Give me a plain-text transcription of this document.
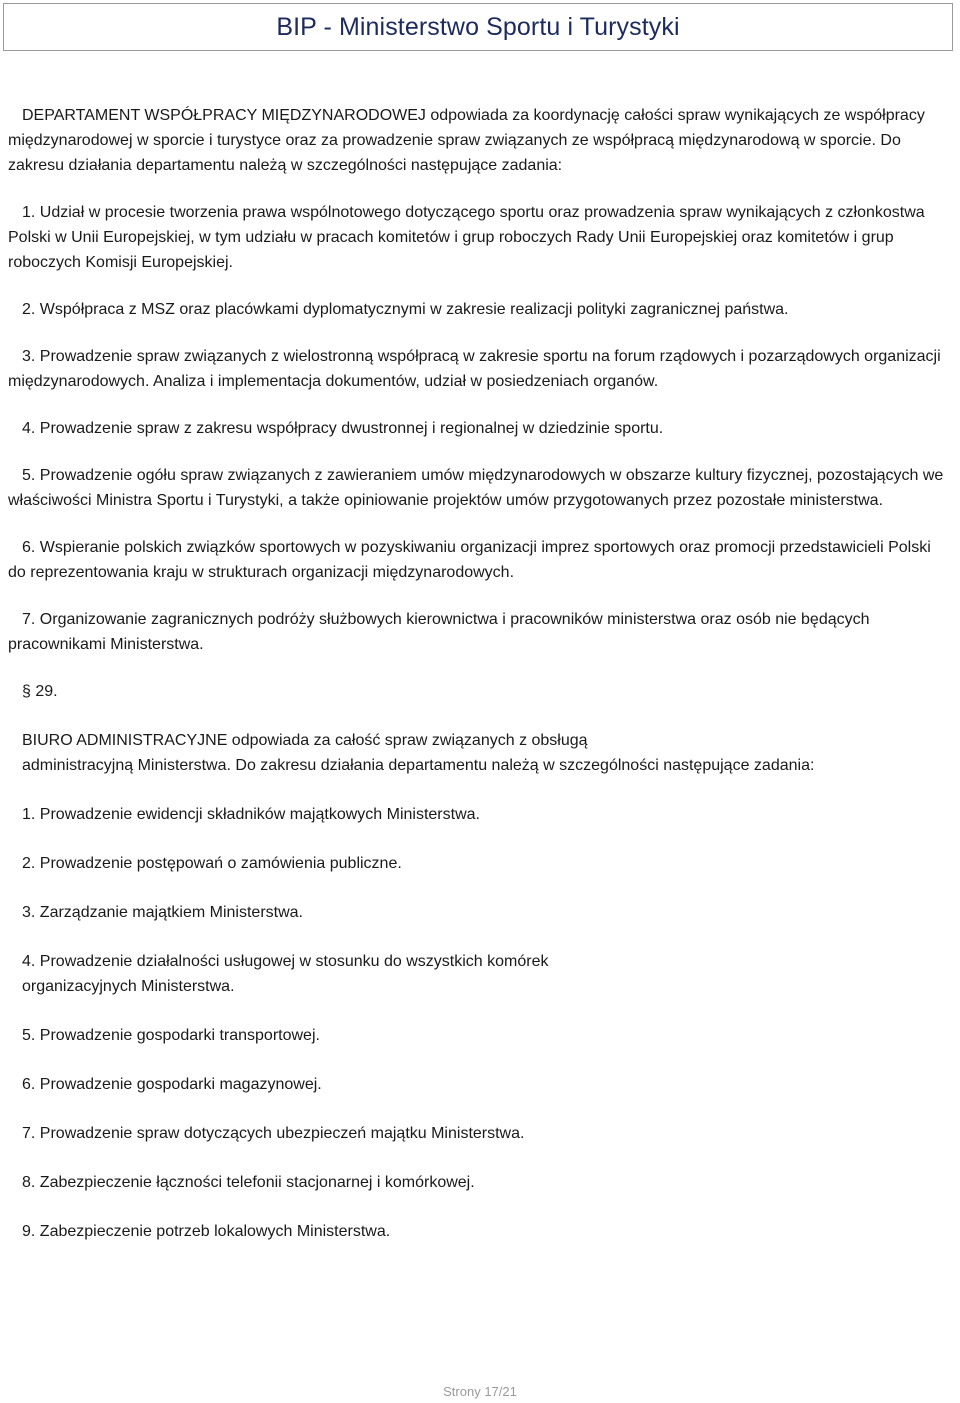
BIP - Ministerstwo Sportu i Turystyki

DEPARTAMENT WSPÓŁPRACY MIĘDZYNARODOWEJ odpowiada za koordynację całości spraw wynikających ze współpracy międzynarodowej w sporcie i turystyce oraz za prowadzenie spraw związanych ze współpracą międzynarodową w sporcie. Do zakresu działania departamentu należą w szczególności następujące zadania:

1. Udział w procesie tworzenia prawa wspólnotowego dotyczącego sportu oraz prowadzenia spraw wynikających z członkostwa Polski w Unii Europejskiej, w tym udziału w pracach komitetów i grup roboczych Rady Unii Europejskiej oraz komitetów i grup roboczych Komisji Europejskiej.

2. Współpraca z MSZ oraz placówkami dyplomatycznymi w zakresie realizacji polityki zagranicznej państwa.

3. Prowadzenie spraw związanych z wielostronną współpracą w zakresie sportu na forum rządowych i pozarządowych organizacji międzynarodowych. Analiza i implementacja dokumentów, udział w posiedzeniach organów.

4. Prowadzenie spraw z zakresu współpracy dwustronnej i regionalnej w dziedzinie sportu.

5. Prowadzenie ogółu spraw związanych z zawieraniem umów międzynarodowych w obszarze kultury fizycznej, pozostających we właściwości Ministra Sportu i Turystyki, a także opiniowanie projektów umów przygotowanych przez pozostałe ministerstwa.

6. Wspieranie polskich związków sportowych w pozyskiwaniu organizacji imprez sportowych oraz promocji przedstawicieli Polski do reprezentowania kraju w strukturach organizacji międzynarodowych.

7. Organizowanie zagranicznych podróży służbowych kierownictwa i pracowników ministerstwa oraz osób nie będących pracownikami Ministerstwa.

§ 29.

BIURO ADMINISTRACYJNE odpowiada za całość spraw związanych z obsługą

administracyjną Ministerstwa. Do zakresu działania departamentu należą w szczególności następujące zadania:

1. Prowadzenie ewidencji składników majątkowych Ministerstwa.

2. Prowadzenie postępowań o zamówienia publiczne.

3. Zarządzanie majątkiem Ministerstwa.

4. Prowadzenie działalności usługowej w stosunku do wszystkich komórek

organizacyjnych Ministerstwa.

5. Prowadzenie gospodarki transportowej.

6. Prowadzenie gospodarki magazynowej.

7. Prowadzenie spraw dotyczących ubezpieczeń majątku Ministerstwa.

8. Zabezpieczenie łączności telefonii stacjonarnej i komórkowej.

9. Zabezpieczenie potrzeb lokalowych Ministerstwa.

Strony 17/21
